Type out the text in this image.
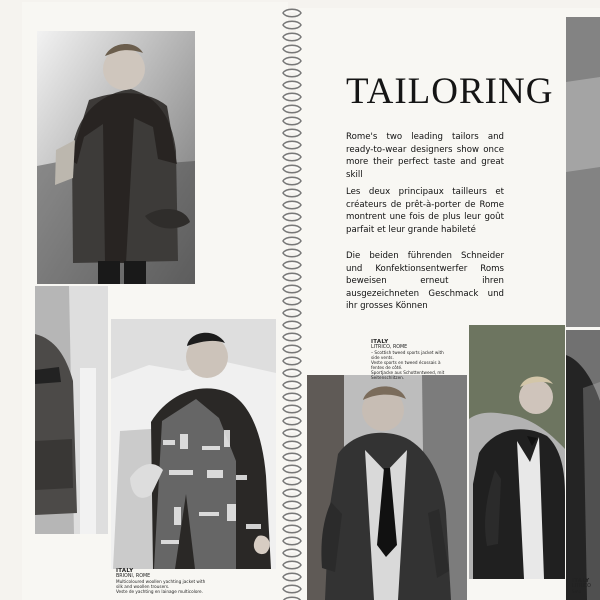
TAILORING
Rome's two leading tailors and ready-to-wear designers show once more their perfect taste and great skill
Les deux principaux tailleurs et créateurs de prêt-à-porter de Rome montrent une fois de plus leur goût parfait et leur grande habileté
Die beiden führenden Schneider und Konfektionsentwerfer Roms beweisen erneut ihren ausgezeichneten Geschmack und ihr grosses Können
ITALY
LITRICO, ROME
– Scottish tweed sports jacket with side vents.
Veste sports en tweed écossais à fentes de côté.
Sportjacke aus Schottentweed, mit Seitenschlitzen.
ITALY
BRIONI, ROME
Multicoloured woollen yachting jacket with
silk and woollen trousers.
Veste de yachting en lainage multicolore.
ITALY
LITRICO
Smo
